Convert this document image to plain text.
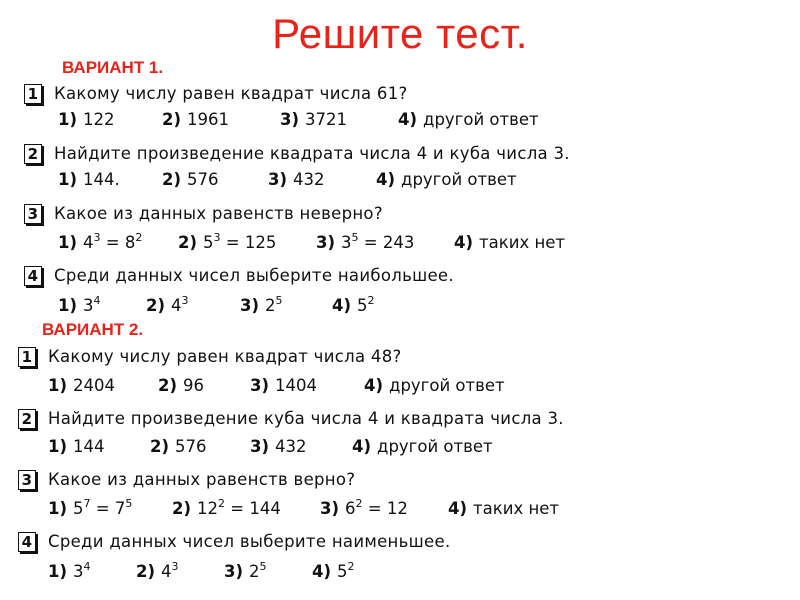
Решите тест.
ВАРИАНТ 1.
1 Какому числу равен квадрат числа 61?
1) 122	2) 1961	3) 3721	4) другой ответ
2 Найдите произведение квадрата числа 4 и куба числа 3.
1) 144.	2) 576	3) 432	4) другой ответ
3 Какое из данных равенств неверно?
1) $4^3 = 8^2$ 2) $5^3 = 125$ 3) $3^5 = 243$ 4) таких нет
4 Среди данных чисел выберите наибольшее.
1) $3^4$	2) $4^3$	3) $2^5$	4) $5^2$
ВАРИАНТ 2.
1 Какому числу равен квадрат числа 48?
1) 2404	2) 96	3) 1404	4) другой ответ
2 Найдите произведение куба числа 4 и квадрата числа 3.
1) 144	2) 576	3) 432	4) другой ответ
3 Какое из данных равенств верно?
1) $5^7 = 7^5$ 2) $12^2 = 144$ 3) $6^2 = 12$ 4) таких нет
4 Среди данных чисел выберите наименьшее.
1) $3^4$	2) $4^3$	3) $2^5$	4) $5^2$
